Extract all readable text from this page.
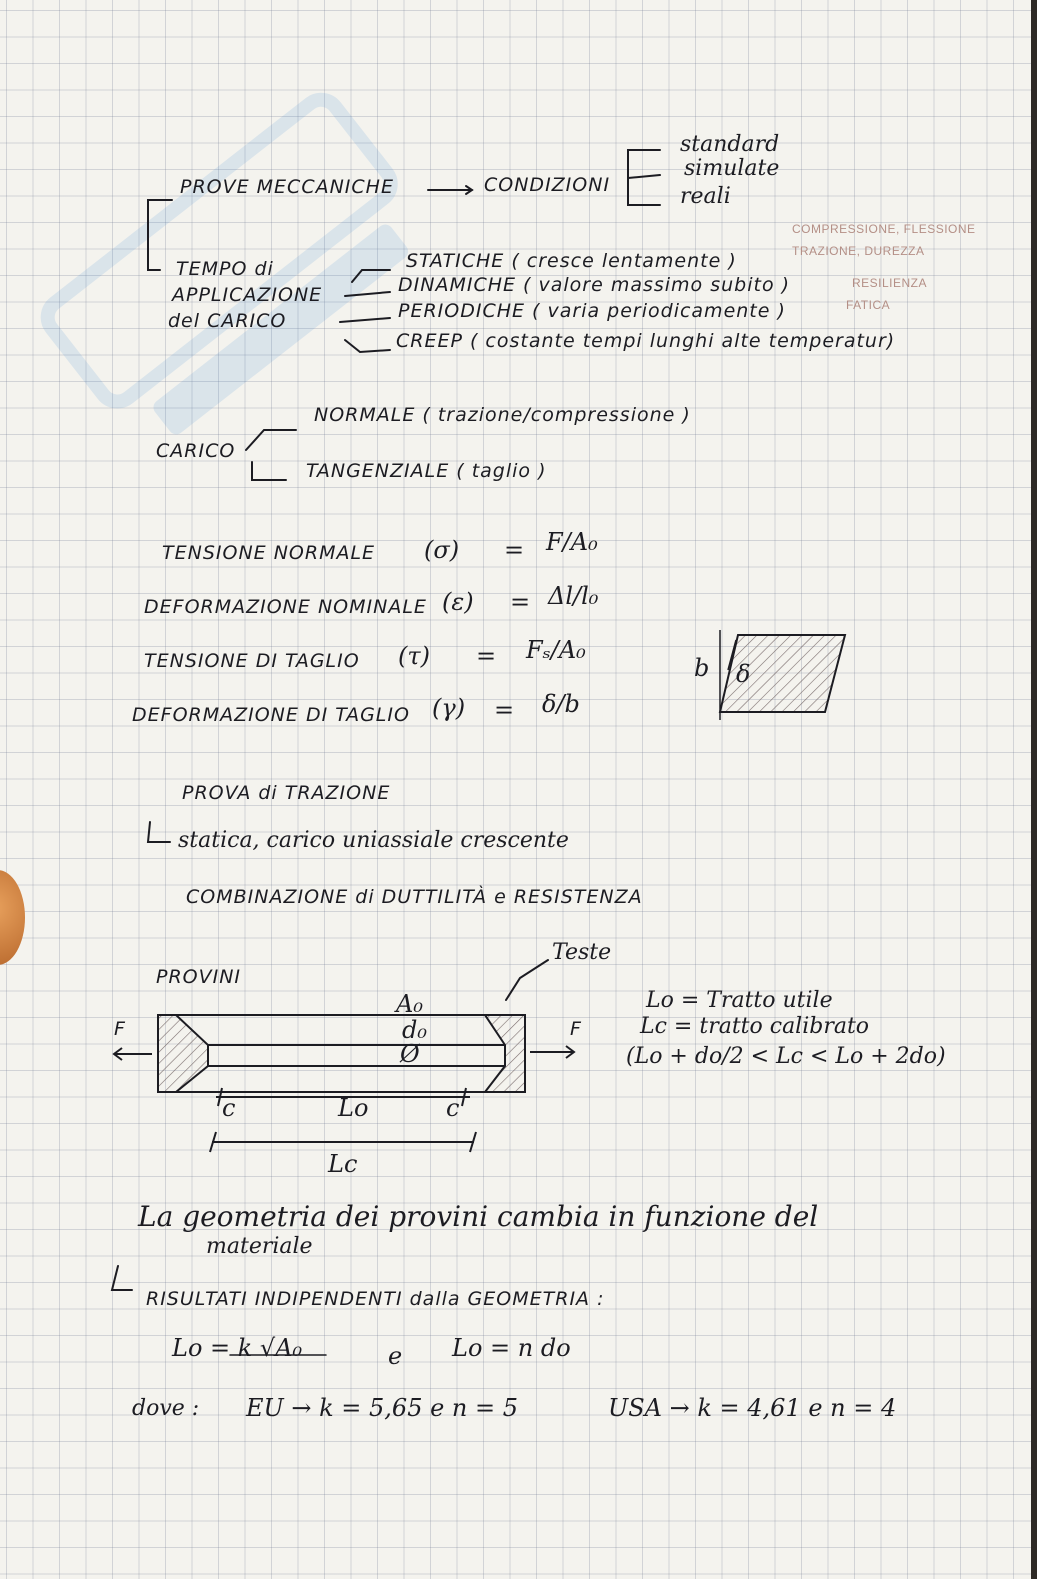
PROVE MECCANICHE	CONDIZIONI
standard
simulate
reali
TEMPO di
APPLICAZIONE
del CARICO
STATICHE ( cresce lentamente )
DINAMICHE ( valore massimo subito )
PERIODICHE ( varia periodicamente )
CREEP ( costante tempi lunghi alte temperatur)
COMPRESSIONE, FLESSIONE
TRAZIONE, DUREZZA
RESILIENZA
FATICA
CARICO
NORMALE ( trazione/compressione )
TANGENZIALE ( taglio )
TENSIONE NORMALE (σ) = F/A₀
DEFORMAZIONE NOMINALE (ε) = Δl/l₀
TENSIONE DI TAGLIO (τ) = Fₛ/A₀
DEFORMAZIONE DI TAGLIO (γ) = δ/b
b δ
PROVA di TRAZIONE
statica, carico uniassiale crescente
COMBINAZIONE di DUTTILITÀ e RESISTENZA
PROVINI
Teste
A₀
d₀
Ø
F	F
c	c
Lo
Lc
Lo = Tratto utile
Lc = tratto calibrato
(Lo + do/2 < Lc < Lo + 2do)
La geometria dei provini cambia in funzione del
materiale
RISULTATI INDIPENDENTI dalla GEOMETRIA :
Lo = k √A₀	e Lo = n do
dove : EU → k = 5,65 e n = 5	USA → k = 4,61 e n = 4
